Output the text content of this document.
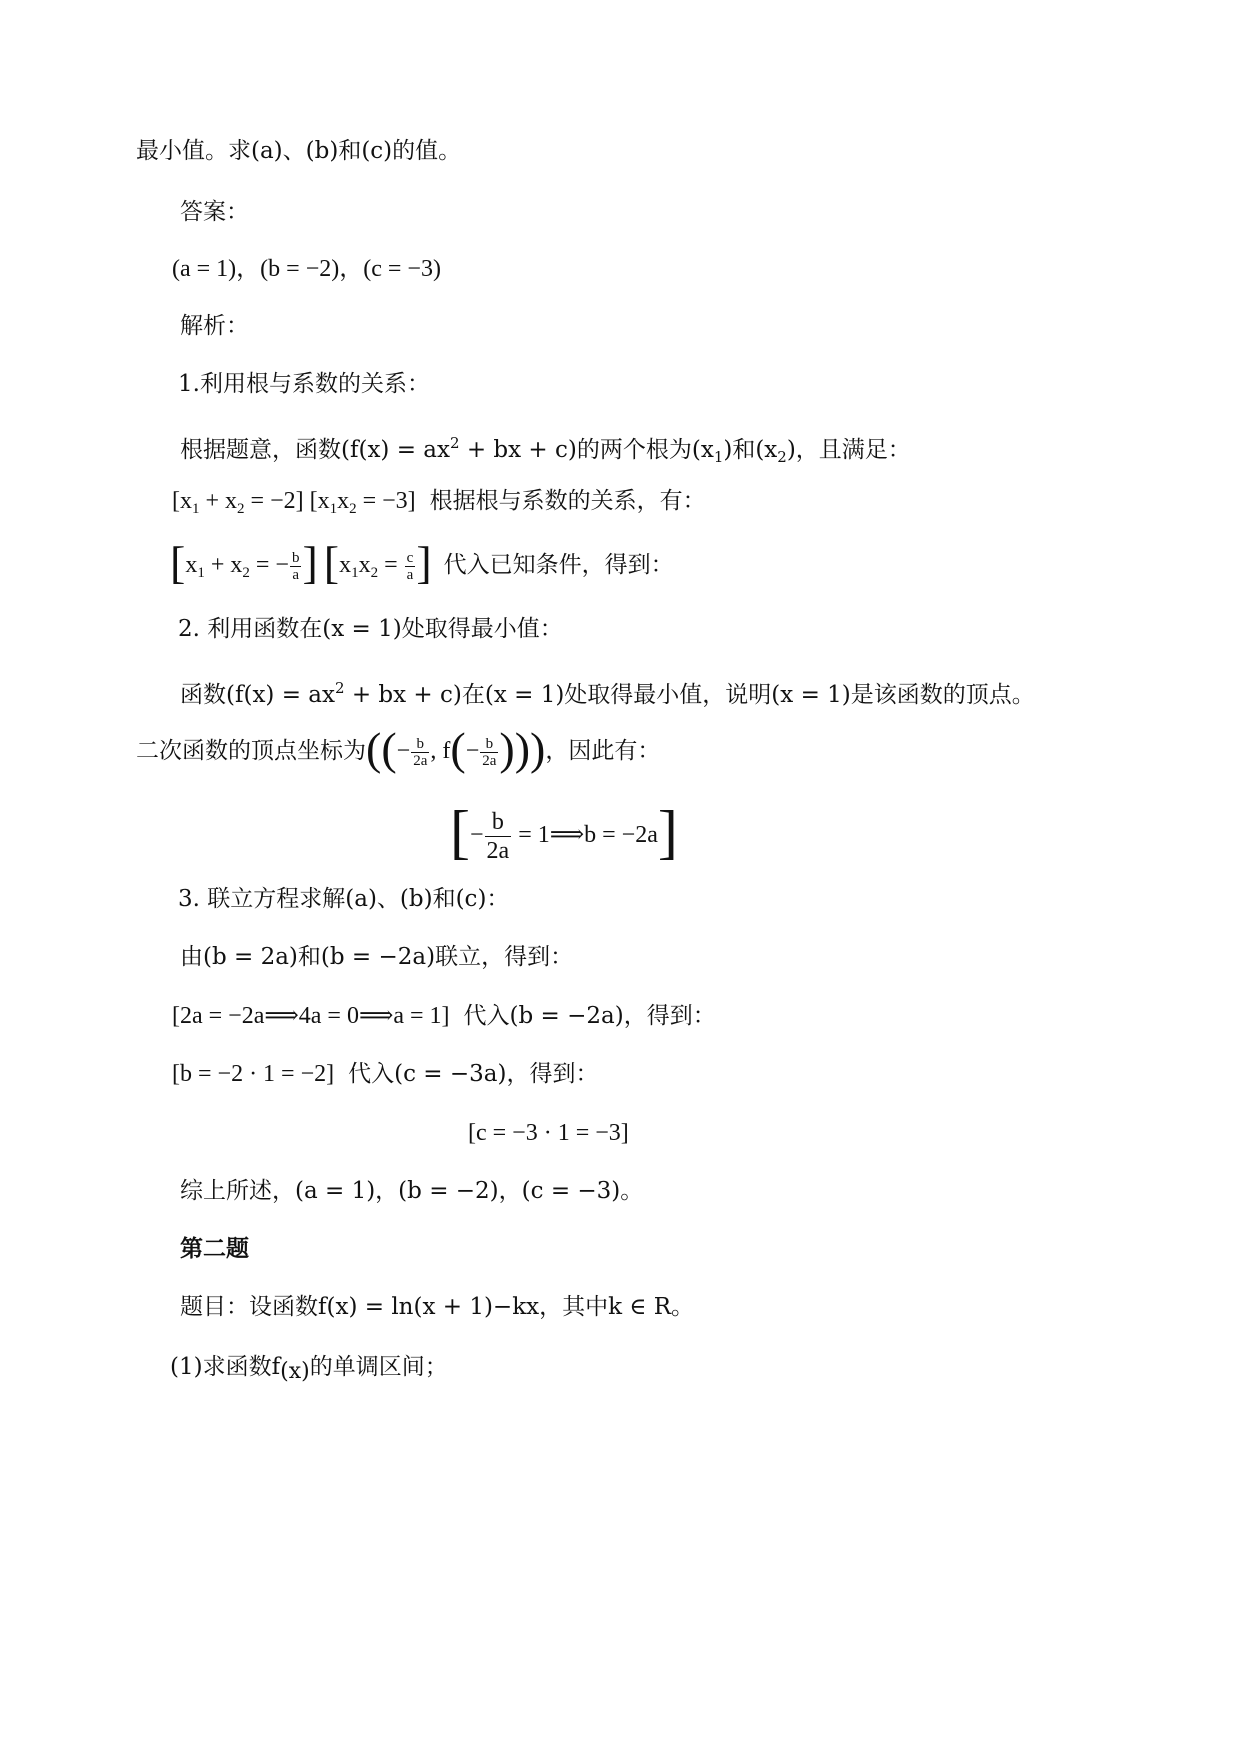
最小值。求(a)、(b)和(c)的值。
答案：
(a = 1)，(b = −2)，(c = −3)
解析：
1.利用根与系数的关系：
根据题意，函数($f(x) = ax^2$ + bx + c)的两个根为$(x_1)$和$(x_2)$，且满足：
$[x_1 + x_2 = -2] [x_1x_2 = -3]$ 根据根与系数的关系，有：
[$x_1 + x_2$ = − $\frac{b}{a}$ ] [$x_1x_2 = \frac{c}{a}$ ] 代入已知条件，得到：
2. 利用函数在(x = 1)处取得最小值：
函数($f(x) = ax^2$ + bx + c)在(x = 1)处取得最小值，说明(x = 1)是该函数的顶点。
二次函数的顶点坐标为((− $\frac{b}{2a}$ , $f(- \frac{b}{2a}$ )))，因此有：
[− $\frac{b}{2a}$ = 1⟹b = −2a]
3. 联立方程求解(a)、(b)和(c)：
由(b = 2a)和(b = −2a)联立，得到：
[2a = −2a⟹4a = 0⟹a = 1] 代入(b = −2a)，得到：
[b = −2 · 1 = −2] 代入(c = −3a)，得到：
[c = −3 · 1 = −3]
综上所述，(a = 1)，(b = −2)，(c = −3)。
第二题
题目：设函数f(x) = ln(x + 1)−kx，其中k ∈ R。
(1)求函数f(x)的单调区间；
